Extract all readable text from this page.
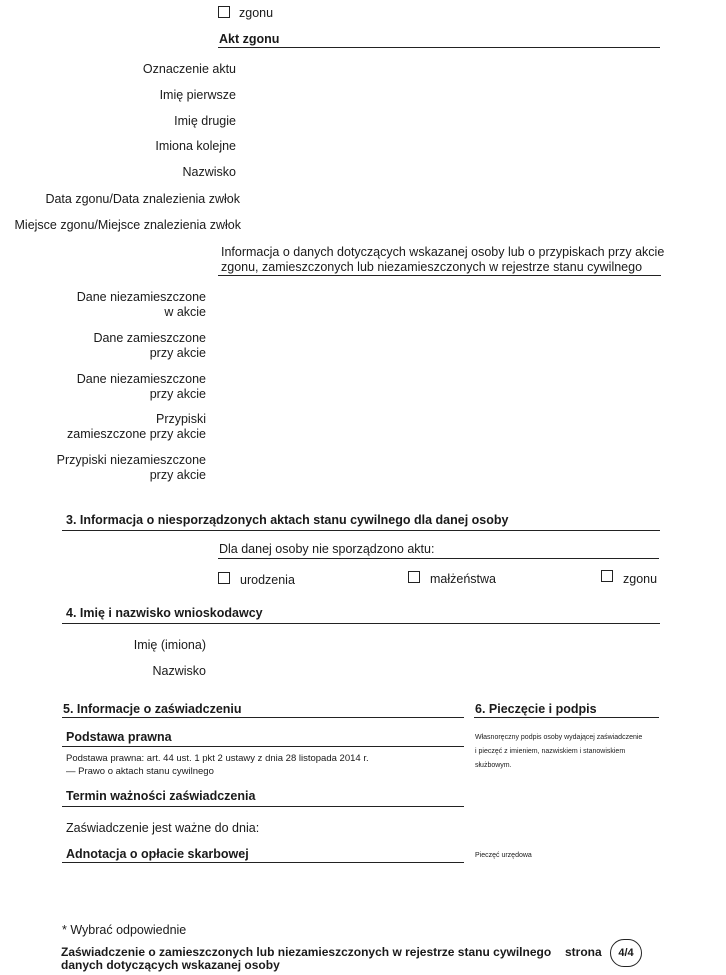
zgonu
Akt zgonu
Oznaczenie aktu
Imię pierwsze
Imię drugie
Imiona kolejne
Nazwisko
Data zgonu/Data znalezienia zwłok
Miejsce zgonu/Miejsce znalezienia zwłok
Informacja o danych dotyczących wskazanej osoby lub o przypiskach przy akcie
zgonu, zamieszczonych lub niezamieszczonych w rejestrze stanu cywilnego
Dane niezamieszczone
w akcie
Dane zamieszczone
przy akcie
Dane niezamieszczone
przy akcie
Przypiski
zamieszczone przy akcie
Przypiski niezamieszczone
przy akcie
3. Informacja o niesporządzonych aktach stanu cywilnego dla danej osoby
Dla danej osoby nie sporządzono aktu:
urodzenia	małżeństwa	zgonu
4. Imię i nazwisko wnioskodawcy
Imię (imiona)
Nazwisko
5. Informacje o zaświadczeniu
Podstawa prawna
Podstawa prawna: art. 44 ust. 1 pkt 2 ustawy z dnia 28 listopada 2014 r.
— Prawo o aktach stanu cywilnego
Termin ważności zaświadczenia
Zaświadczenie jest ważne do dnia:
Adnotacja o opłacie skarbowej
6. Pieczęcie i podpis
Własnoręczny podpis osoby wydającej zaświadczenie
i pieczęć z imieniem, nazwiskiem i stanowiskiem
służbowym.
Pieczęć urzędowa
* Wybrać odpowiednie
Zaświadczenie o zamieszczonych lub niezamieszczonych w rejestrze stanu cywilnego
danych dotyczących wskazanej osoby
strona	4/4
